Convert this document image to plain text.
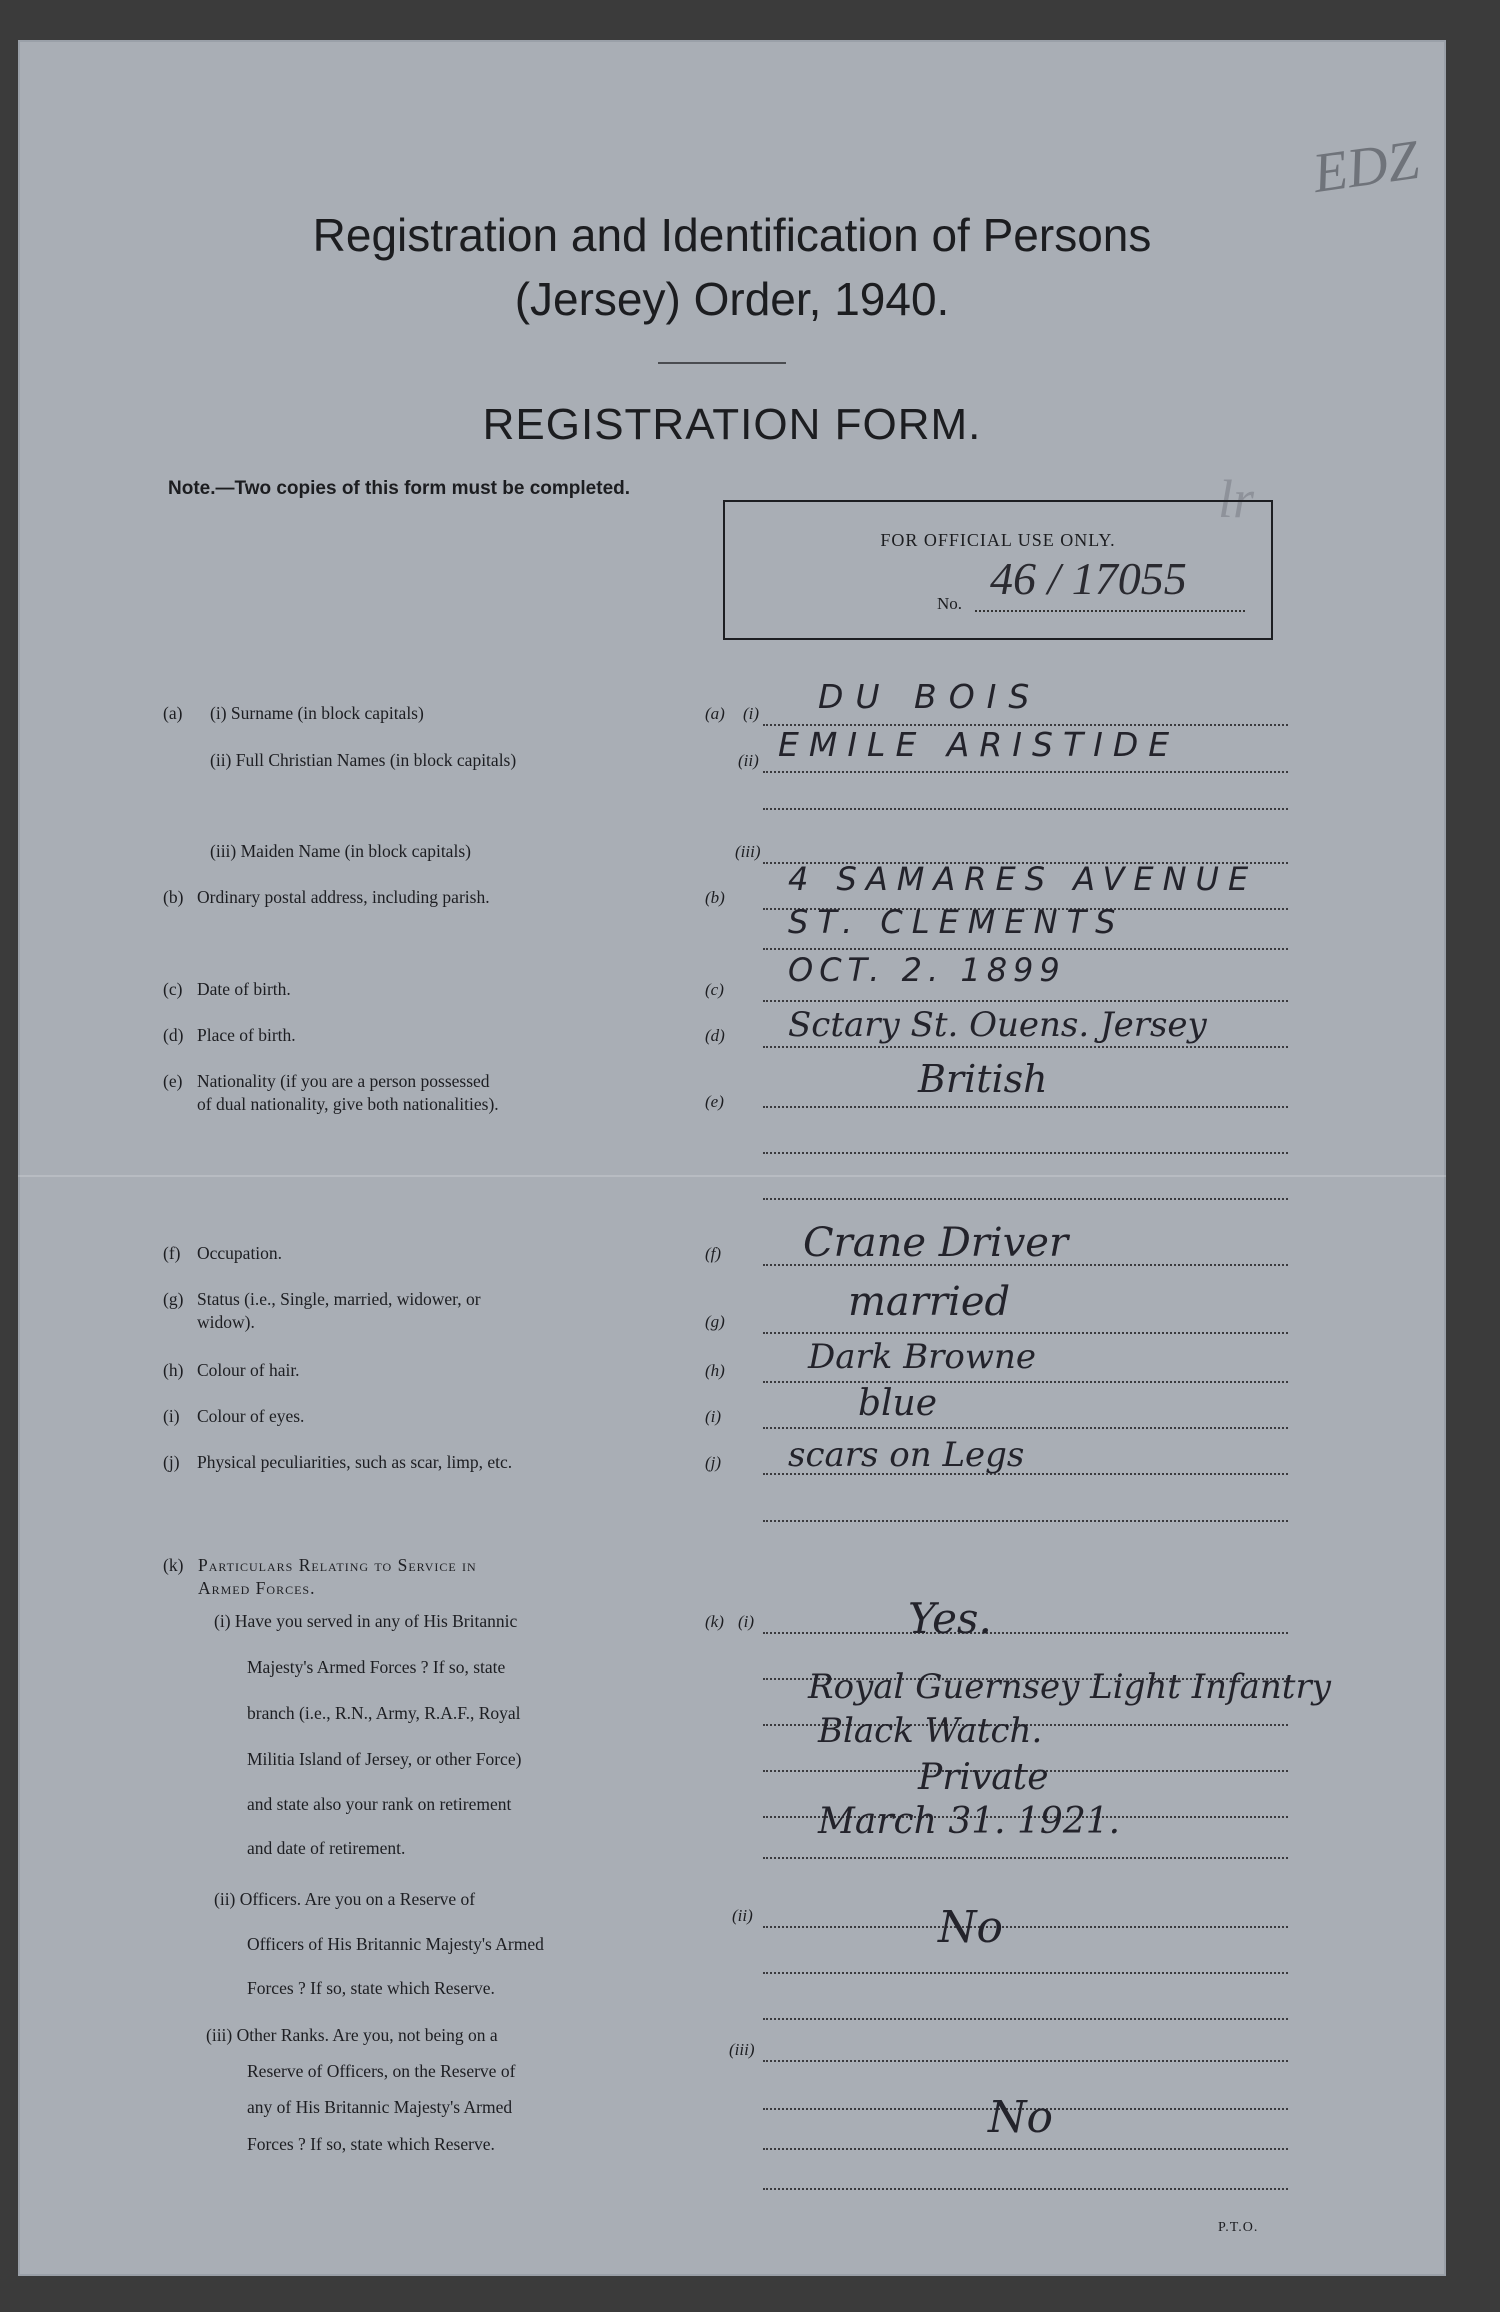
EDZ
lr
Registration and Identification of Persons
(Jersey) Order, 1940.
REGISTRATION FORM.
Note.—Two copies of this form must be completed.
FOR OFFICIAL USE ONLY.
No. 46 / 17055
(a) (i) Surname (in block capitals)
(ii) Full Christian Names (in block capitals)
(iii) Maiden Name (in block capitals)
(b) Ordinary postal address, including parish.
(c) Date of birth.
(d) Place of birth.
(e) Nationality (if you are a person possessed
of dual nationality, give both nationalities).
(f) Occupation.
(g) Status (i.e., Single, married, widower, or
widow).
(h) Colour of hair.
(i) Colour of eyes.
(j) Physical peculiarities, such as scar, limp, etc.
(k) Particulars Relating to Service in
Armed Forces.
(i) Have you served in any of His Britannic
Majesty's Armed Forces ? If so, state
branch (i.e., R.N., Army, R.A.F., Royal
Militia Island of Jersey, or other Force)
and state also your rank on retirement
and date of retirement.
(ii) Officers. Are you on a Reserve of
Officers of His Britannic Majesty's Armed
Forces ? If so, state which Reserve.
(iii) Other Ranks. Are you, not being on a
Reserve of Officers, on the Reserve of
any of His Britannic Majesty's Armed
Forces ? If so, state which Reserve.
(a) (i)
(ii)
(iii)
(b)
(c)
(d)
(e)
(f)
(g)
(h)
(i)
(j)
(k) (i)
(ii)
(iii)
DU BOIS
EMILE ARISTIDE
4 SAMARES AVENUE
ST. CLEMENTS
OCT. 2. 1899
Sctary St. Ouens. Jersey
British
Crane Driver
married
Dark Browne
blue
scars on Legs
Yes.
Royal Guernsey Light Infantry
Black Watch.
Private
March 31. 1921.
No
No
P.T.O.
